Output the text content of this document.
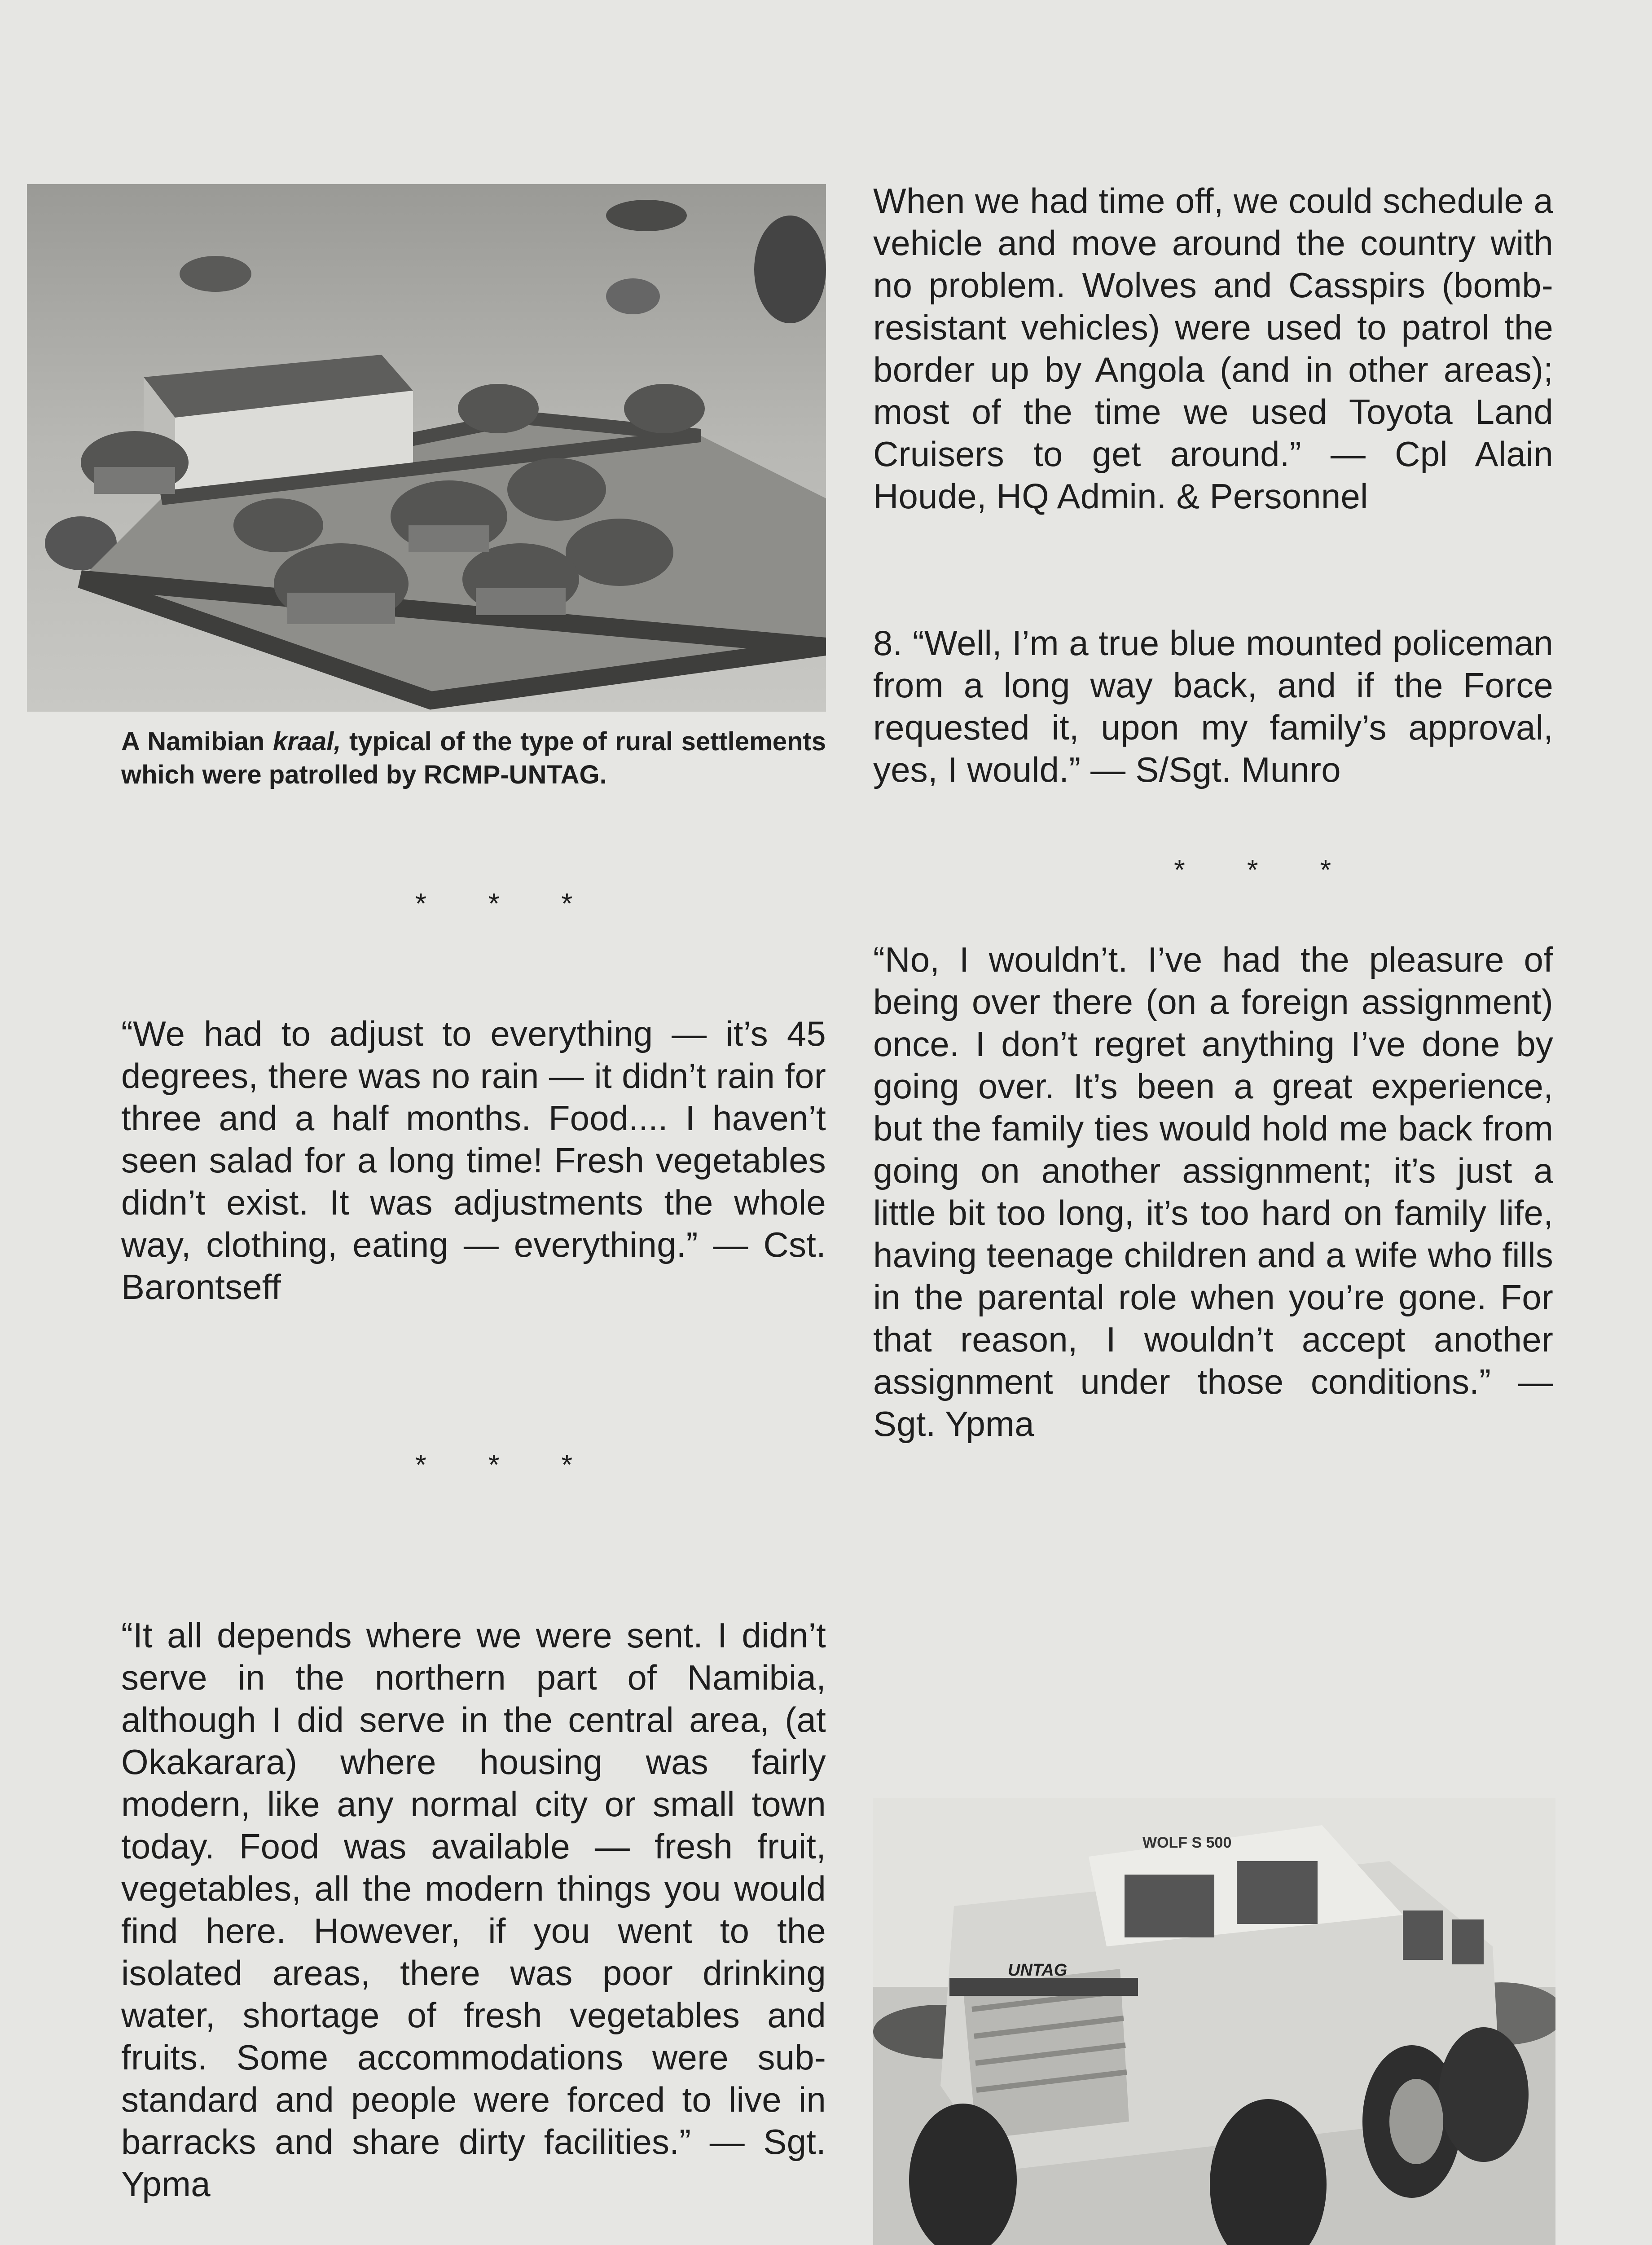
A Namibian kraal, typical of the type of rural settlements which were patrolled by RCMP-UNTAG.

* * *

“We had to adjust to everything — it’s 45 degrees, there was no rain — it didn’t rain for three and a half months. Food.... I haven’t seen salad for a long time! Fresh vegetables didn’t exist. It was adjustments the whole way, clothing, eating — everything.” — Cst. Barontseff

* * *

“It all depends where we were sent. I didn’t serve in the northern part of Namibia, although I did serve in the central area, (at Okakarara) where housing was fairly modern, like any normal city or small town today. Food was available — fresh fruit, vegetables, all the modern things you would find here. However, if you went to the isolated areas, there was poor drinking water, shortage of fresh vegetables and fruits. Some accommodations were sub-standard and people were forced to live in barracks and share dirty facilities.” — Sgt. Ypma

When we had time off, we could schedule a vehicle and move around the country with no problem. Wolves and Casspirs (bomb-resistant vehicles) were used to patrol the border up by Angola (and in other areas); most of the time we used Toyota Land Cruisers to get around.” — Cpl Alain Houde, HQ Admin. & Personnel

8. “Well, I’m a true blue mounted policeman from a long way back, and if the Force requested it, upon my family’s approval, yes, I would.” — S/Sgt. Munro

* * *

“No, I wouldn’t. I’ve had the pleasure of being over there (on a foreign assignment) once. I don’t regret anything I’ve done by going over. It’s been a great experience, but the family ties would hold me back from going on another assignment; it’s just a little bit too long, it’s too hard on family life, having teenage children and a wife who fills in the parental role when you’re gone. For that reason, I wouldn’t accept another assignment under those conditions.” — Sgt. Ypma

WOLF S 500
UNTAG
